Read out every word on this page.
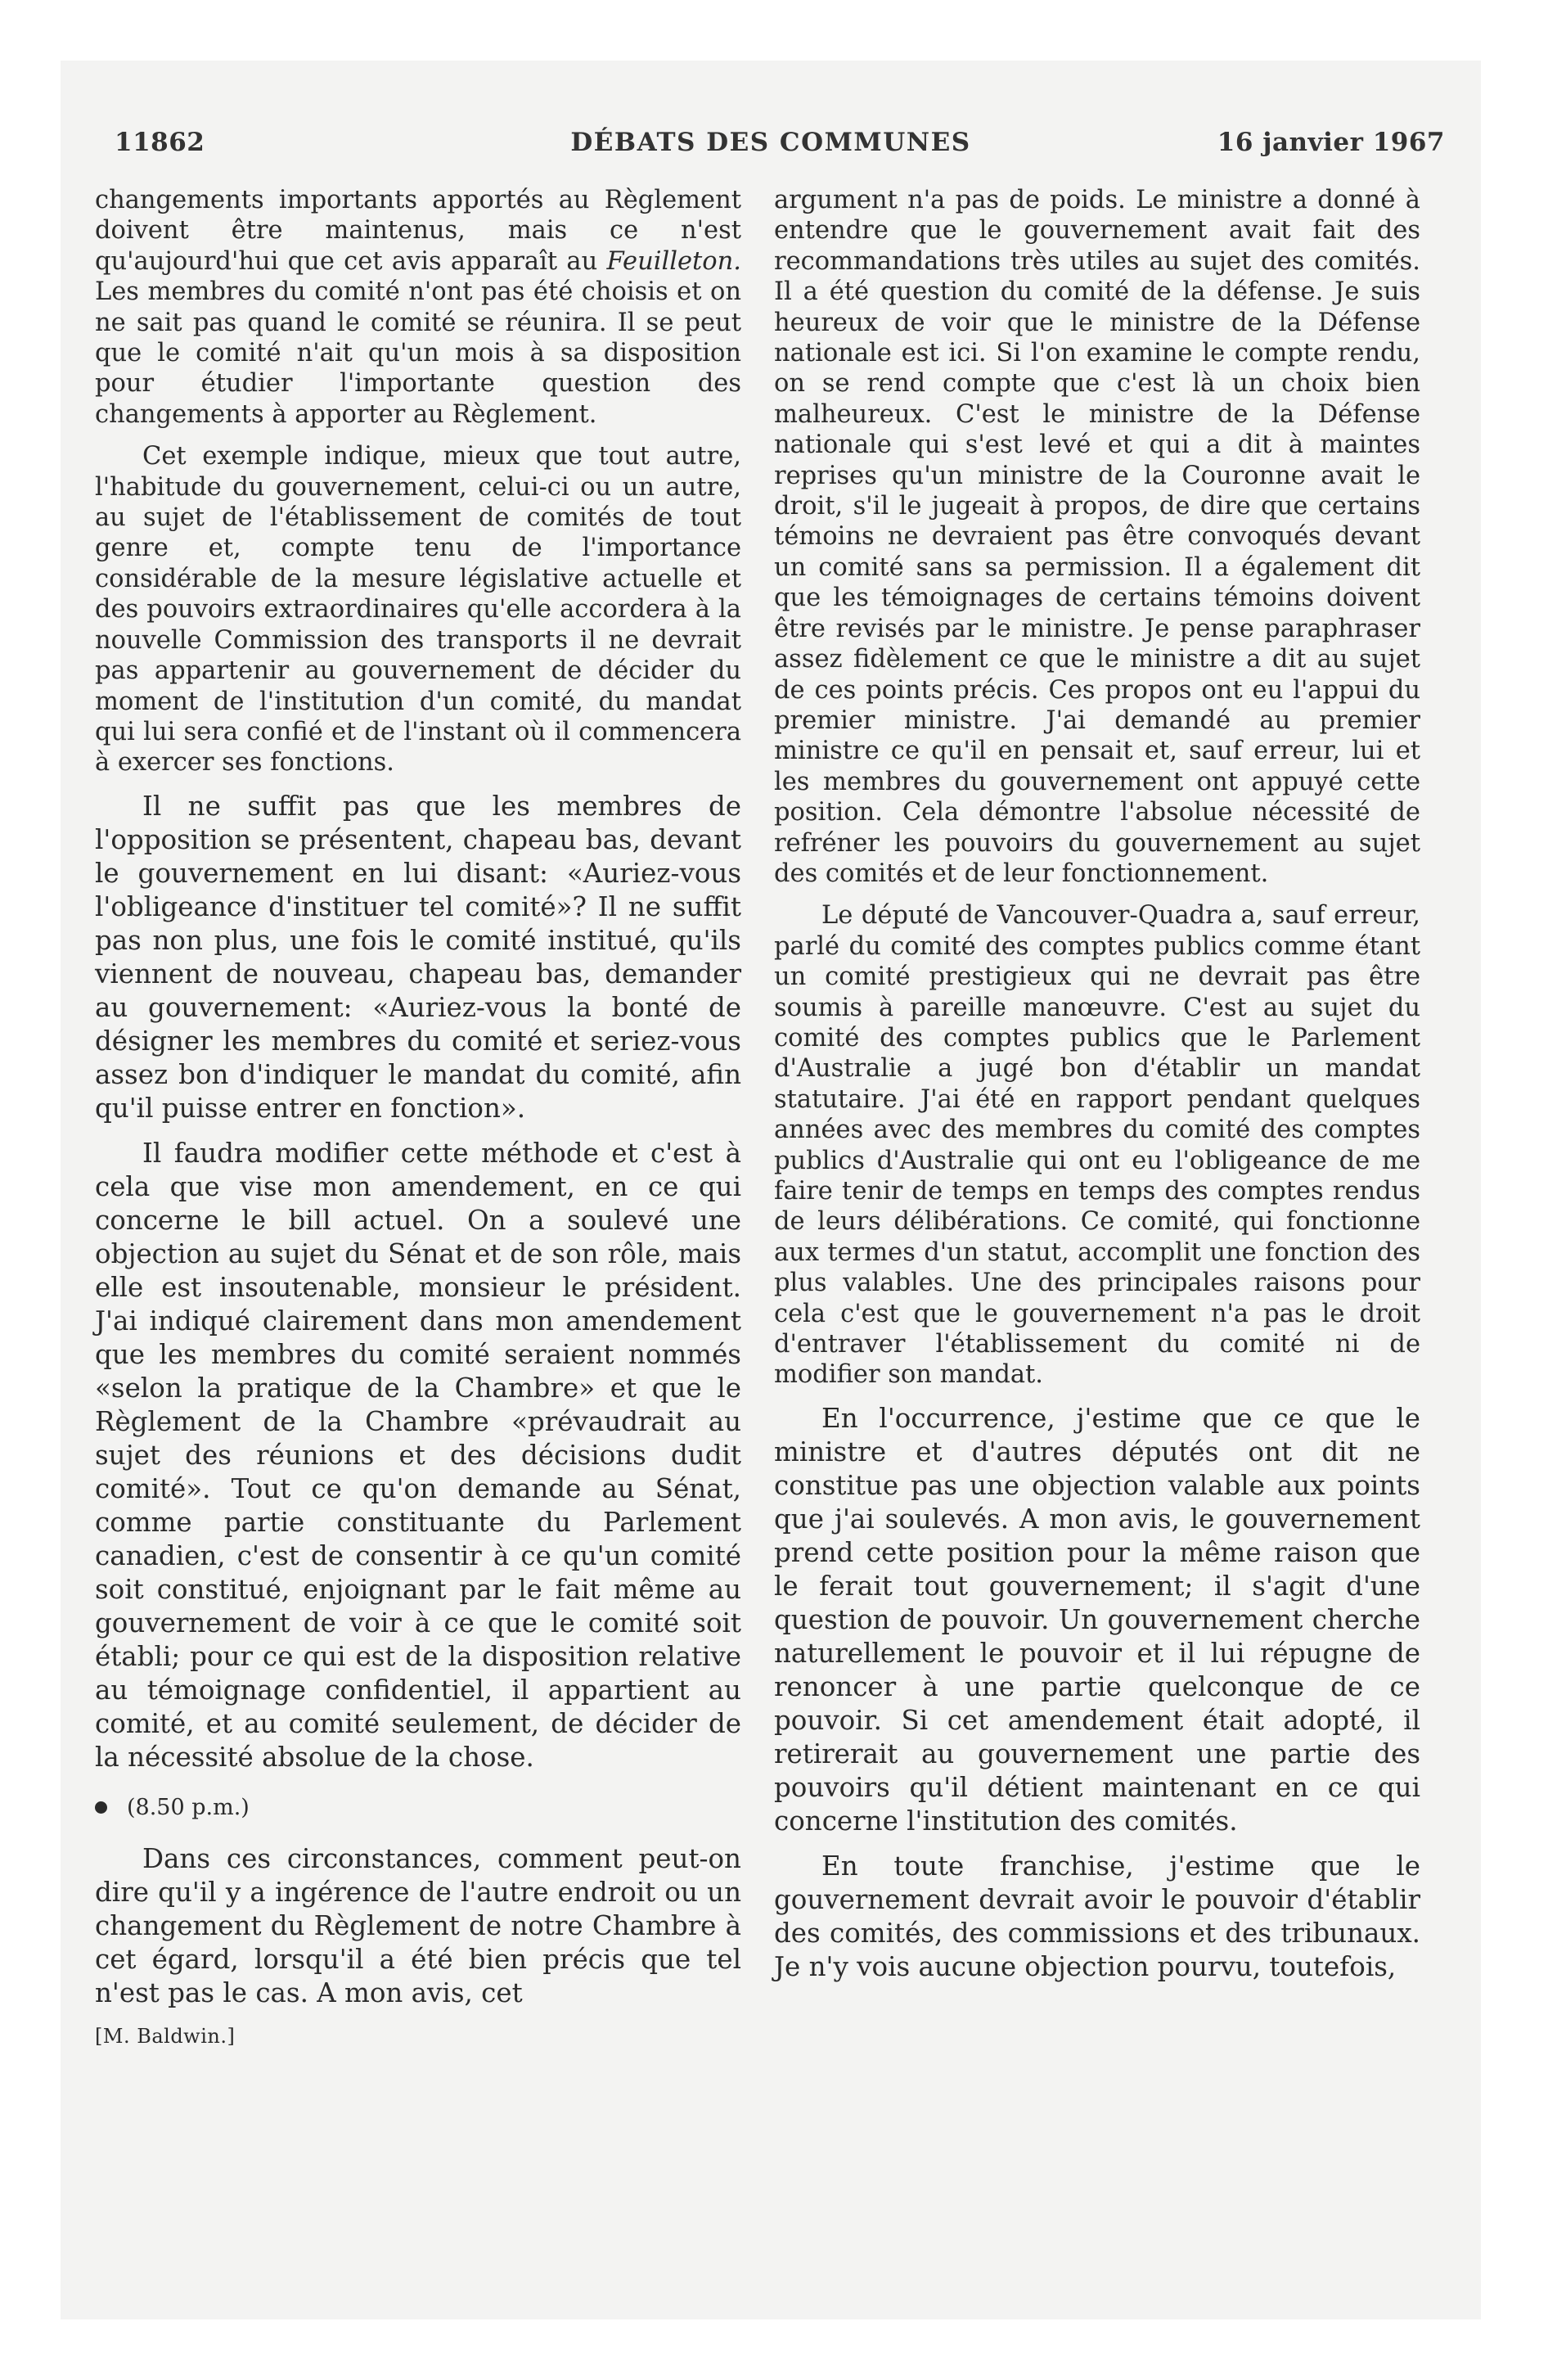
11862	DÉBATS DES COMMUNES	16 janvier 1967

changements importants apportés au Règlement doivent être maintenus, mais ce n'est qu'aujourd'hui que cet avis apparaît au Feuilleton. Les membres du comité n'ont pas été choisis et on ne sait pas quand le comité se réunira. Il se peut que le comité n'ait qu'un mois à sa disposition pour étudier l'importante question des changements à apporter au Règlement.

Cet exemple indique, mieux que tout autre, l'habitude du gouvernement, celui-ci ou un autre, au sujet de l'établissement de comités de tout genre et, compte tenu de l'importance considérable de la mesure législative actuelle et des pouvoirs extraordinaires qu'elle accordera à la nouvelle Commission des transports il ne devrait pas appartenir au gouvernement de décider du moment de l'institution d'un comité, du mandat qui lui sera confié et de l'instant où il commencera à exercer ses fonctions.

Il ne suffit pas que les membres de l'opposition se présentent, chapeau bas, devant le gouvernement en lui disant: «Auriez-vous l'obligeance d'instituer tel comité»? Il ne suffit pas non plus, une fois le comité institué, qu'ils viennent de nouveau, chapeau bas, demander au gouvernement: «Auriez-vous la bonté de désigner les membres du comité et seriez-vous assez bon d'indiquer le mandat du comité, afin qu'il puisse entrer en fonction».

Il faudra modifier cette méthode et c'est à cela que vise mon amendement, en ce qui concerne le bill actuel. On a soulevé une objection au sujet du Sénat et de son rôle, mais elle est insoutenable, monsieur le président. J'ai indiqué clairement dans mon amendement que les membres du comité seraient nommés «selon la pratique de la Chambre» et que le Règlement de la Chambre «prévaudrait au sujet des réunions et des décisions dudit comité». Tout ce qu'on demande au Sénat, comme partie constituante du Parlement canadien, c'est de consentir à ce qu'un comité soit constitué, enjoignant par le fait même au gouvernement de voir à ce que le comité soit établi; pour ce qui est de la disposition relative au témoignage confidentiel, il appartient au comité, et au comité seulement, de décider de la nécessité absolue de la chose.

(8.50 p.m.)

Dans ces circonstances, comment peut-on dire qu'il y a ingérence de l'autre endroit ou un changement du Règlement de notre Chambre à cet égard, lorsqu'il a été bien précis que tel n'est pas le cas. A mon avis, cet

[M. Baldwin.]

argument n'a pas de poids. Le ministre a donné à entendre que le gouvernement avait fait des recommandations très utiles au sujet des comités. Il a été question du comité de la défense. Je suis heureux de voir que le ministre de la Défense nationale est ici. Si l'on examine le compte rendu, on se rend compte que c'est là un choix bien malheureux. C'est le ministre de la Défense nationale qui s'est levé et qui a dit à maintes reprises qu'un ministre de la Couronne avait le droit, s'il le jugeait à propos, de dire que certains témoins ne devraient pas être convoqués devant un comité sans sa permission. Il a également dit que les témoignages de certains témoins doivent être revisés par le ministre. Je pense paraphraser assez fidèlement ce que le ministre a dit au sujet de ces points précis. Ces propos ont eu l'appui du premier ministre. J'ai demandé au premier ministre ce qu'il en pensait et, sauf erreur, lui et les membres du gouvernement ont appuyé cette position. Cela démontre l'absolue nécessité de refréner les pouvoirs du gouvernement au sujet des comités et de leur fonctionnement.

Le député de Vancouver-Quadra a, sauf erreur, parlé du comité des comptes publics comme étant un comité prestigieux qui ne devrait pas être soumis à pareille manœuvre. C'est au sujet du comité des comptes publics que le Parlement d'Australie a jugé bon d'établir un mandat statutaire. J'ai été en rapport pendant quelques années avec des membres du comité des comptes publics d'Australie qui ont eu l'obligeance de me faire tenir de temps en temps des comptes rendus de leurs délibérations. Ce comité, qui fonctionne aux termes d'un statut, accomplit une fonction des plus valables. Une des principales raisons pour cela c'est que le gouvernement n'a pas le droit d'entraver l'établissement du comité ni de modifier son mandat.

En l'occurrence, j'estime que ce que le ministre et d'autres députés ont dit ne constitue pas une objection valable aux points que j'ai soulevés. A mon avis, le gouvernement prend cette position pour la même raison que le ferait tout gouvernement; il s'agit d'une question de pouvoir. Un gouvernement cherche naturellement le pouvoir et il lui répugne de renoncer à une partie quelconque de ce pouvoir. Si cet amendement était adopté, il retirerait au gouvernement une partie des pouvoirs qu'il détient maintenant en ce qui concerne l'institution des comités.

En toute franchise, j'estime que le gouvernement devrait avoir le pouvoir d'établir des comités, des commissions et des tribunaux. Je n'y vois aucune objection pourvu, toutefois,
